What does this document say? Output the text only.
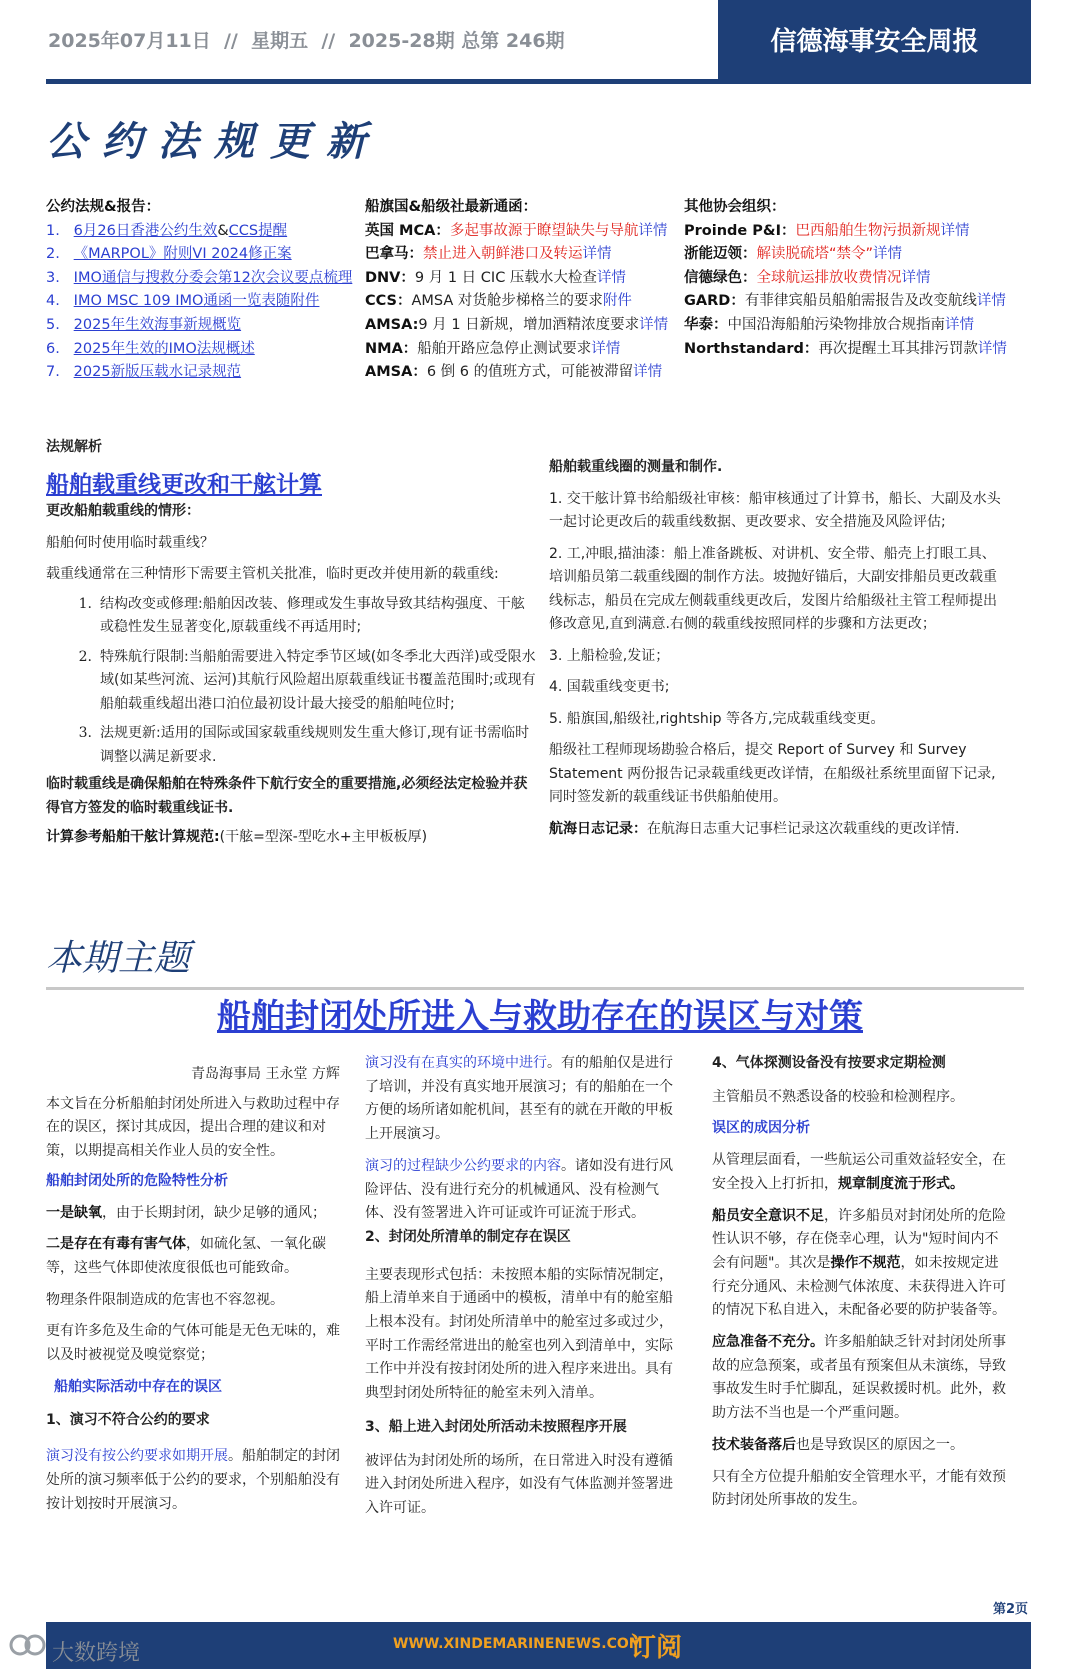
2025年07月11日  //  星期五  //  2025-28期 总第 246期	信德海事安全周报
公约法规更新
公约法规&报告：
1. 6月26日香港公约生效&CCS提醒
2. 《MARPOL》附则VI 2024修正案
3. IMO通信与搜救分委会第12次会议要点梳理
4. IMO MSC 109 IMO通函一览表随附件
5. 2025年生效海事新规概览
6. 2025年生效的IMO法规概述
7. 2025新版压载水记录规范
船旗国&船级社最新通函：
英国 MCA：多起事故源于瞭望缺失与导航详情
巴拿马：禁止进入朝鲜港口及转运详情
DNV：9 月 1 日 CIC 压载水大检查详情
CCS：AMSA 对货舱步梯格兰的要求附件
AMSA:9 月 1 日新规，增加酒精浓度要求详情
NMA：船舶开路应急停止测试要求详情
AMSA：6 倒 6 的值班方式，可能被滞留详情
其他协会组织：
Proinde P&I：巴西船舶生物污损新规详情
浙能迈领：解读脱硫塔“禁令”详情
信德绿色：全球航运排放收费情况详情
GARD：有菲律宾船员船舶需报告及改变航线详情
华泰：中国沿海船舶污染物排放合规指南详情
Northstandard：再次提醒土耳其排污罚款详情
法规解析
船舶载重线更改和干舷计算
更改船舶载重线的情形：
船舶何时使用临时载重线？
载重线通常在三种情形下需要主管机关批准，临时更改并使用新的载重线:
1. 结构改变或修理:船舶因改装、修理或发生事故导致其结构强度、干舷
或稳性发生显著变化,原载重线不再适用时;
2. 特殊航行限制:当船舶需要进入特定季节区域(如冬季北大西洋)或受限水
域(如某些河流、运河)其航行风险超出原载重线证书覆盖范围时;或现有
船舶载重线超出港口泊位最初设计最大接受的船舶吨位时;
3. 法规更新:适用的国际或国家载重线规则发生重大修订,现有证书需临时
调整以满足新要求.
临时载重线是确保船舶在特殊条件下航行安全的重要措施,必须经法定检验并获
得官方签发的临时载重线证书.
计算参考船舶干舷计算规范:(干舷=型深-型吃水+主甲板板厚)
船舶载重线圈的测量和制作.
1. 交干舷计算书给船级社审核：船审核通过了计算书，船长、大副及水头
一起讨论更改后的载重线数据、更改要求、安全措施及风险评估;
2. 工,冲眼,描油漆：船上准备跳板、对讲机、安全带、船壳上打眼工具、
培训船员第二载重线圈的制作方法。坡抛好锚后，大副安排船员更改载重
线标志，船员在完成左侧载重线更改后，发图片给船级社主管工程师提出
修改意见,直到满意.右侧的载重线按照同样的步骤和方法更改；
3. 上船检验,发证；
4. 国载重线变更书;
5. 船旗国,船级社,rightship 等各方,完成载重线变更。
船级社工程师现场勘验合格后，提交 Report of Survey 和 Survey
Statement 两份报告记录载重线更改详情，在船级社系统里面留下记录,
同时签发新的载重线证书供船舶使用。
航海日志记录：在航海日志重大记事栏记录这次载重线的更改详情.
本期主题
船舶封闭处所进入与救助存在的误区与对策
青岛海事局 王永堂 方辉
本文旨在分析船舶封闭处所进入与救助过程中存
在的误区，探讨其成因，提出合理的建议和对
策，以期提高相关作业人员的安全性。
船舶封闭处所的危险特性分析
一是缺氧，由于长期封闭，缺少足够的通风；
二是存在有毒有害气体，如硫化氢、一氧化碳
等，这些气体即使浓度很低也可能致命。
物理条件限制造成的危害也不容忽视。
更有许多危及生命的气体可能是无色无味的，难
以及时被视觉及嗅觉察觉；
船舶实际活动中存在的误区
1、演习不符合公约的要求
演习没有按公约要求如期开展。船舶制定的封闭
处所的演习频率低于公约的要求，个别船舶没有
按计划按时开展演习。
演习没有在真实的环境中进行。有的船舶仅是进行
了培训，并没有真实地开展演习；有的船舶在一个
方便的场所诸如舵机间，甚至有的就在开敞的甲板
上开展演习。
演习的过程缺少公约要求的内容。诸如没有进行风
险评估、没有进行充分的机械通风、没有检测气
体、没有签署进入许可证或许可证流于形式。
2、封闭处所清单的制定存在误区
主要表现形式包括：未按照本船的实际情况制定，
船上清单来自于通函中的模板，清单中有的舱室船
上根本没有。封闭处所清单中的舱室过多或过少，
平时工作需经常进出的舱室也列入到清单中，实际
工作中并没有按封闭处所的进入程序来进出。具有
典型封闭处所特征的舱室未列入清单。
3、船上进入封闭处所活动未按照程序开展
被评估为封闭处所的场所，在日常进入时没有遵循
进入封闭处所进入程序，如没有气体监测并签署进
入许可证。
4、气体探测设备没有按要求定期检测
主管船员不熟悉设备的校验和检测程序。
误区的成因分析
从管理层面看，一些航运公司重效益轻安全，在
安全投入上打折扣，规章制度流于形式。
船员安全意识不足，许多船员对封闭处所的危险
性认识不够，存在侥幸心理，认为"短时间内不
会有问题"。其次是操作不规范，如未按规定进
行充分通风、未检测气体浓度、未获得进入许可
的情况下私自进入，未配备必要的防护装备等。
应急准备不充分。许多船舶缺乏针对封闭处所事
故的应急预案，或者虽有预案但从未演练，导致
事故发生时手忙脚乱，延误救援时机。此外，救
助方法不当也是一个严重问题。
技术装备落后也是导致误区的原因之一。
只有全方位提升船舶安全管理水平，才能有效预
防封闭处所事故的发生。
第2页
WWW.XINDEMARINENEWS.COM
订阅
大数跨境
